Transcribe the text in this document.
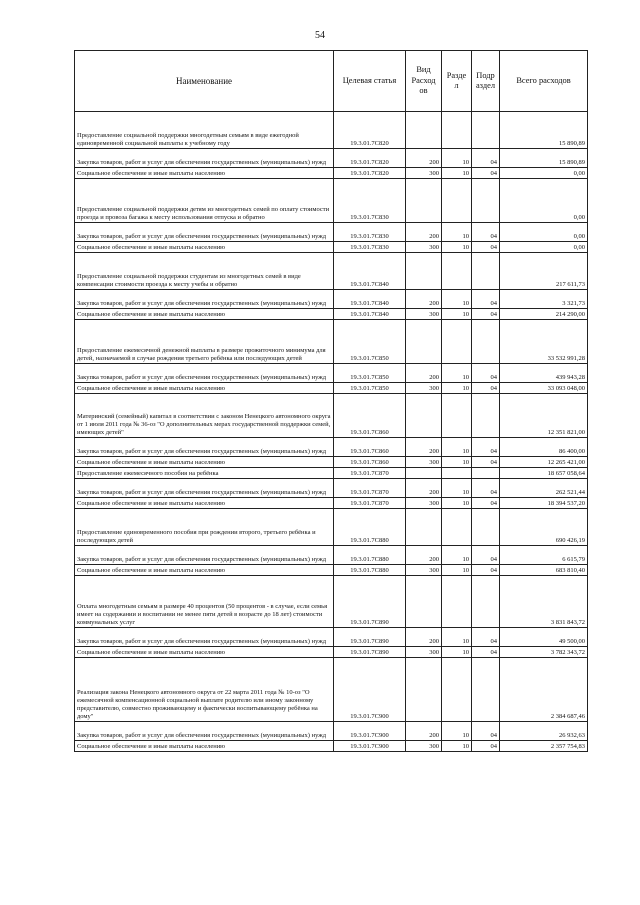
54
Наименование	Целевая статья	Вид Расход ов	Разде л	Подр аздел	Всего расходов
Предоставление социальной поддержки многодетным семьям в виде ежегодной единовременной социальной выплаты к учебному году	19.3.01.7С820				15 890,89
Закупка товаров, работ и услуг для обеспечения государственных (муниципальных) нужд	19.3.01.7С820	200	10	04	15 890,89
Социальное обеспечение и иные выплаты населению	19.3.01.7С820	300	10	04	0,00
Предоставление социальной поддержки детям из многодетных семей по оплату стоимости проезда и провоза багажа к месту использования отпуска и обратно	19.3.01.7С830				0,00
Закупка товаров, работ и услуг для обеспечения государственных (муниципальных) нужд	19.3.01.7С830	200	10	04	0,00
Социальное обеспечение и иные выплаты населению	19.3.01.7С830	300	10	04	0,00
Предоставление социальной поддержки студентам из многодетных семей в виде компенсации стоимости проезда к месту учебы и обратно	19.3.01.7С840				217 611,73
Закупка товаров, работ и услуг для обеспечения государственных (муниципальных) нужд	19.3.01.7С840	200	10	04	3 321,73
Социальное обеспечение и иные выплаты населению	19.3.01.7С840	300	10	04	214 290,00
Предоставление ежемесячной денежной выплаты в размере прожиточного минимума для детей, назначаемой в случае рождения третьего ребёнка или последующих детей	19.3.01.7С850				33 532 991,28
Закупка товаров, работ и услуг для обеспечения государственных (муниципальных) нужд	19.3.01.7С850	200	10	04	439 943,28
Социальное обеспечение и иные выплаты населению	19.3.01.7С850	300	10	04	33 093 048,00
Материнский (семейный) капитал в соответствии с законом Ненецкого автономного округа от 1 июля 2011 года № 36-оз "О дополнительных мерах государственной поддержки семей, имеющих детей"	19.3.01.7С860				12 351 821,00
Закупка товаров, работ и услуг для обеспечения государственных (муниципальных) нужд	19.3.01.7С860	200	10	04	86 400,00
Социальное обеспечение и иные выплаты населению	19.3.01.7С860	300	10	04	12 265 421,00
Предоставление ежемесячного пособия на ребёнка	19.3.01.7С870				18 657 058,64
Закупка товаров, работ и услуг для обеспечения государственных (муниципальных) нужд	19.3.01.7С870	200	10	04	262 521,44
Социальное обеспечение и иные выплаты населению	19.3.01.7С870	300	10	04	18 394 537,20
Предоставление единовременного пособия при рождении второго, третьего ребёнка и последующих детей	19.3.01.7С880				690 426,19
Закупка товаров, работ и услуг для обеспечения государственных (муниципальных) нужд	19.3.01.7С880	200	10	04	6 615,79
Социальное обеспечение и иные выплаты населению	19.3.01.7С880	300	10	04	683 810,40
Оплата многодетным семьям в размере 40 процентов (50 процентов - в случае, если семья имеет на содержании и воспитании не менее пяти детей в возрасте до 18 лет) стоимости коммунальных услуг	19.3.01.7С890				3 831 843,72
Закупка товаров, работ и услуг для обеспечения государственных (муниципальных) нужд	19.3.01.7С890	200	10	04	49 500,00
Социальное обеспечение и иные выплаты населению	19.3.01.7С890	300	10	04	3 782 343,72
Реализация закона Ненецкого автономного округа от 22 марта 2011 года № 10-оз "О ежемесячной компенсационной социальной выплате родителю или иному законному представителю, совместно проживающему и фактически воспитывающему ребёнка на дому"	19.3.01.7С900				2 384 687,46
Закупка товаров, работ и услуг для обеспечения государственных (муниципальных) нужд	19.3.01.7С900	200	10	04	26 932,63
Социальное обеспечение и иные выплаты населению	19.3.01.7С900	300	10	04	2 357 754,83
